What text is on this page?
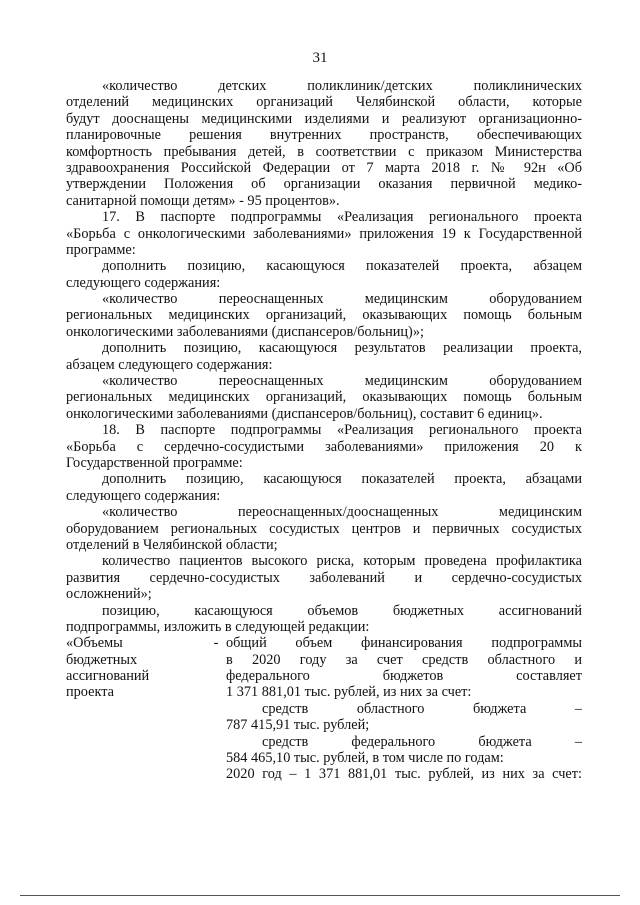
31
«количество детских поликлиник/детских поликлинических
отделений медицинских организаций Челябинской области, которые
будут дооснащены медицинскими изделиями и реализуют организационно-
планировочные решения внутренних пространств, обеспечивающих
комфортность пребывания детей, в соответствии с приказом Министерства
здравоохранения Российской Федерации от 7 марта 2018 г. № 92н «Об
утверждении Положения об организации оказания первичной медико-
санитарной помощи детям» - 95 процентов».
17. В паспорте подпрограммы «Реализация регионального проекта
«Борьба с онкологическими заболеваниями» приложения 19 к Государственной
программе:
дополнить позицию, касающуюся показателей проекта, абзацем
следующего содержания:
«количество переоснащенных медицинским оборудованием
региональных медицинских организаций, оказывающих помощь больным
онкологическими заболеваниями (диспансеров/больниц)»;
дополнить позицию, касающуюся результатов реализации проекта,
абзацем следующего содержания:
«количество переоснащенных медицинским оборудованием
региональных медицинских организаций, оказывающих помощь больным
онкологическими заболеваниями (диспансеров/больниц), составит 6 единиц».
18. В паспорте подпрограммы «Реализация регионального проекта
«Борьба с сердечно-сосудистыми заболеваниями» приложения 20 к
Государственной программе:
дополнить позицию, касающуюся показателей проекта, абзацами
следующего содержания:
«количество переоснащенных/дооснащенных медицинским
оборудованием региональных сосудистых центров и первичных сосудистых
отделений в Челябинской области;
количество пациентов высокого риска, которым проведена профилактика
развития сердечно-сосудистых заболеваний и сердечно-сосудистых
осложнений»;
позицию, касающуюся объемов бюджетных ассигнований
подпрограммы, изложить в следующей редакции:
«Объемы
бюджетных
ассигнований
проекта
- общий объем финансирования подпрограммы
в 2020 году за счет средств областного и
федерального бюджетов составляет
1 371 881,01 тыс. рублей, из них за счет:
средств областного бюджета –
787 415,91 тыс. рублей;
средств федерального бюджета –
584 465,10 тыс. рублей, в том числе по годам:
2020 год – 1 371 881,01 тыс. рублей, из них за счет:
